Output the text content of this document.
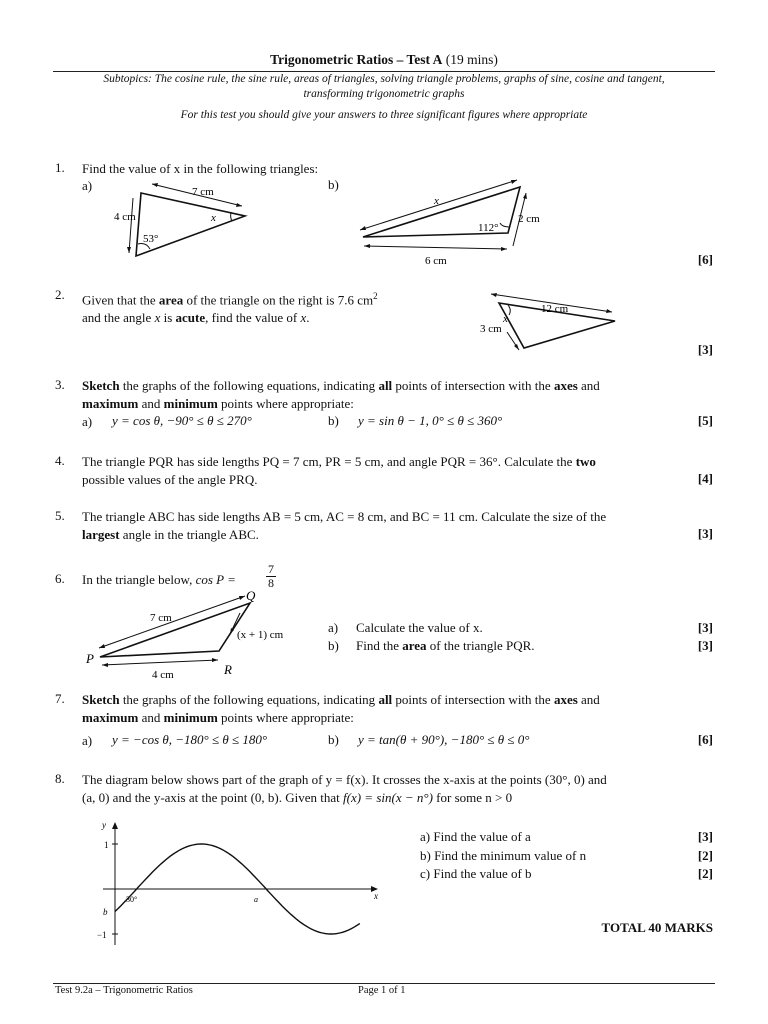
Trigonometric Ratios – Test A (19 mins)
Subtopics: The cosine rule, the sine rule, areas of triangles, solving triangle problems, graphs of sine, cosine and tangent,
transforming trigonometric graphs
For this test you should give your answers to three significant figures where appropriate
1. Find the value of x in the following triangles:
a)	b)
7 cm
4 cm
53°
x
x
2 cm
112°
6 cm	[6]
2. Given that the area of the triangle on the right is 7.6 $cm^2$
and the angle x is acute, find the value of x.
12 cm
3 cm
x
[3]
3. Sketch the graphs of the following equations, indicating all points of intersection with the axes and
maximum and minimum points where appropriate:
a) y = cos θ, −90° ≤ θ ≤ 270°	b) y = sin θ − 1, 0° ≤ θ ≤ 360°	[5]
4. The triangle PQR has side lengths PQ = 7 cm, PR = 5 cm, and angle PQR = 36°. Calculate the two
possible values of the angle PRQ.	[4]
5. The triangle ABC has side lengths AB = 5 cm, AC = 8 cm, and BC = 11 cm. Calculate the size of the
largest angle in the triangle ABC.	[3]
6. In the triangle below, cos P =	$\frac{7}{8}$
7 cm
(x + 1) cm
4 cm
P
Q
R
a) Calculate the value of x.	[3]
b) Find the area of the triangle PQR.	[3]
7. Sketch the graphs of the following equations, indicating all points of intersection with the axes and
maximum and minimum points where appropriate:
a) y = −cos θ, −180° ≤ θ ≤ 180°	b) y = tan(θ + 90°), −180° ≤ θ ≤ 0°	[6]
8. The diagram below shows part of the graph of y = f(x). It crosses the x-axis at the points (30°, 0) and
(a, 0) and the y-axis at the point (0, b). Given that f(x) = sin(x − n°) for some n > 0
y
x
1
−1
b
30°	a
a) Find the value of a	[3]
b) Find the minimum value of n	[2]
c) Find the value of b	[2]
TOTAL 40 MARKS
Test 9.2a – Trigonometric Ratios	Page 1 of 1
